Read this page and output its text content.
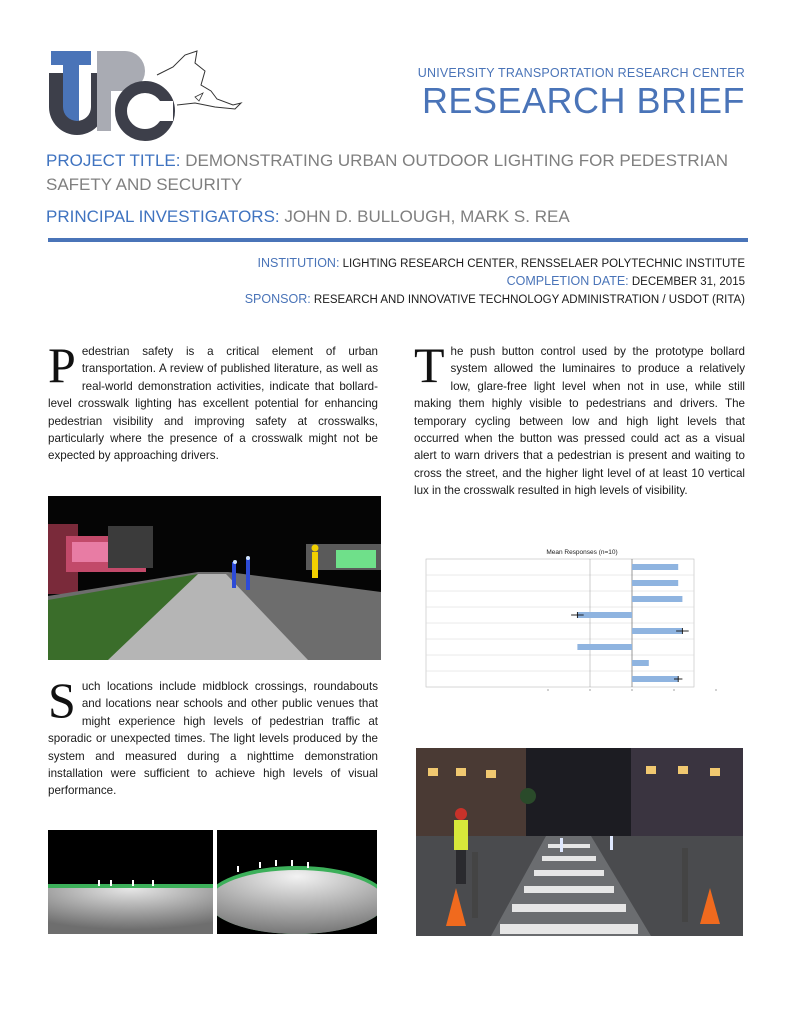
UNIVERSITY TRANSPORTATION RESEARCH CENTER
RESEARCH BRIEF
PROJECT TITLE: DEMONSTRATING URBAN OUTDOOR LIGHTING FOR PEDESTRIAN SAFETY AND SECURITY
PRINCIPAL INVESTIGATORS: JOHN D. BULLOUGH, MARK S. REA
INSTITUTION: LIGHTING RESEARCH CENTER, RENSSELAER POLYTECHNIC INSTITUTE
COMPLETION DATE: DECEMBER 31, 2015
SPONSOR: RESEARCH AND INNOVATIVE TECHNOLOGY ADMINISTRATION / USDOT (RITA)
Pedestrian safety is a critical element of urban transportation. A review of published literature, as well as real-world demonstration activities, indicate that bollard-level crosswalk lighting has excellent potential for enhancing pedestrian visibility and improving safety at crosswalks, particularly where the presence of a crosswalk might not be expected by approaching drivers.
Such locations include midblock crossings, roundabouts and locations near schools and other public venues that might experience high levels of pedestrian traffic at sporadic or unexpected times. The light levels produced by the system and measured during a nighttime demonstration installation were sufficient to achieve high levels of visual performance.
The push button control used by the prototype bollard system allowed the luminaires to produce a relatively low, glare-free light level when not in use, while still making them highly visible to pedestrians and drivers. The temporary cycling between low and high light levels that occurred when the button was pressed could act as a visual alert to warn drivers that a pedestrian is present and waiting to cross the street, and the higher light level of at least 10 vertical lux in the crosswalk resulted in high levels of visibility.
Mean Responses (n=10)
